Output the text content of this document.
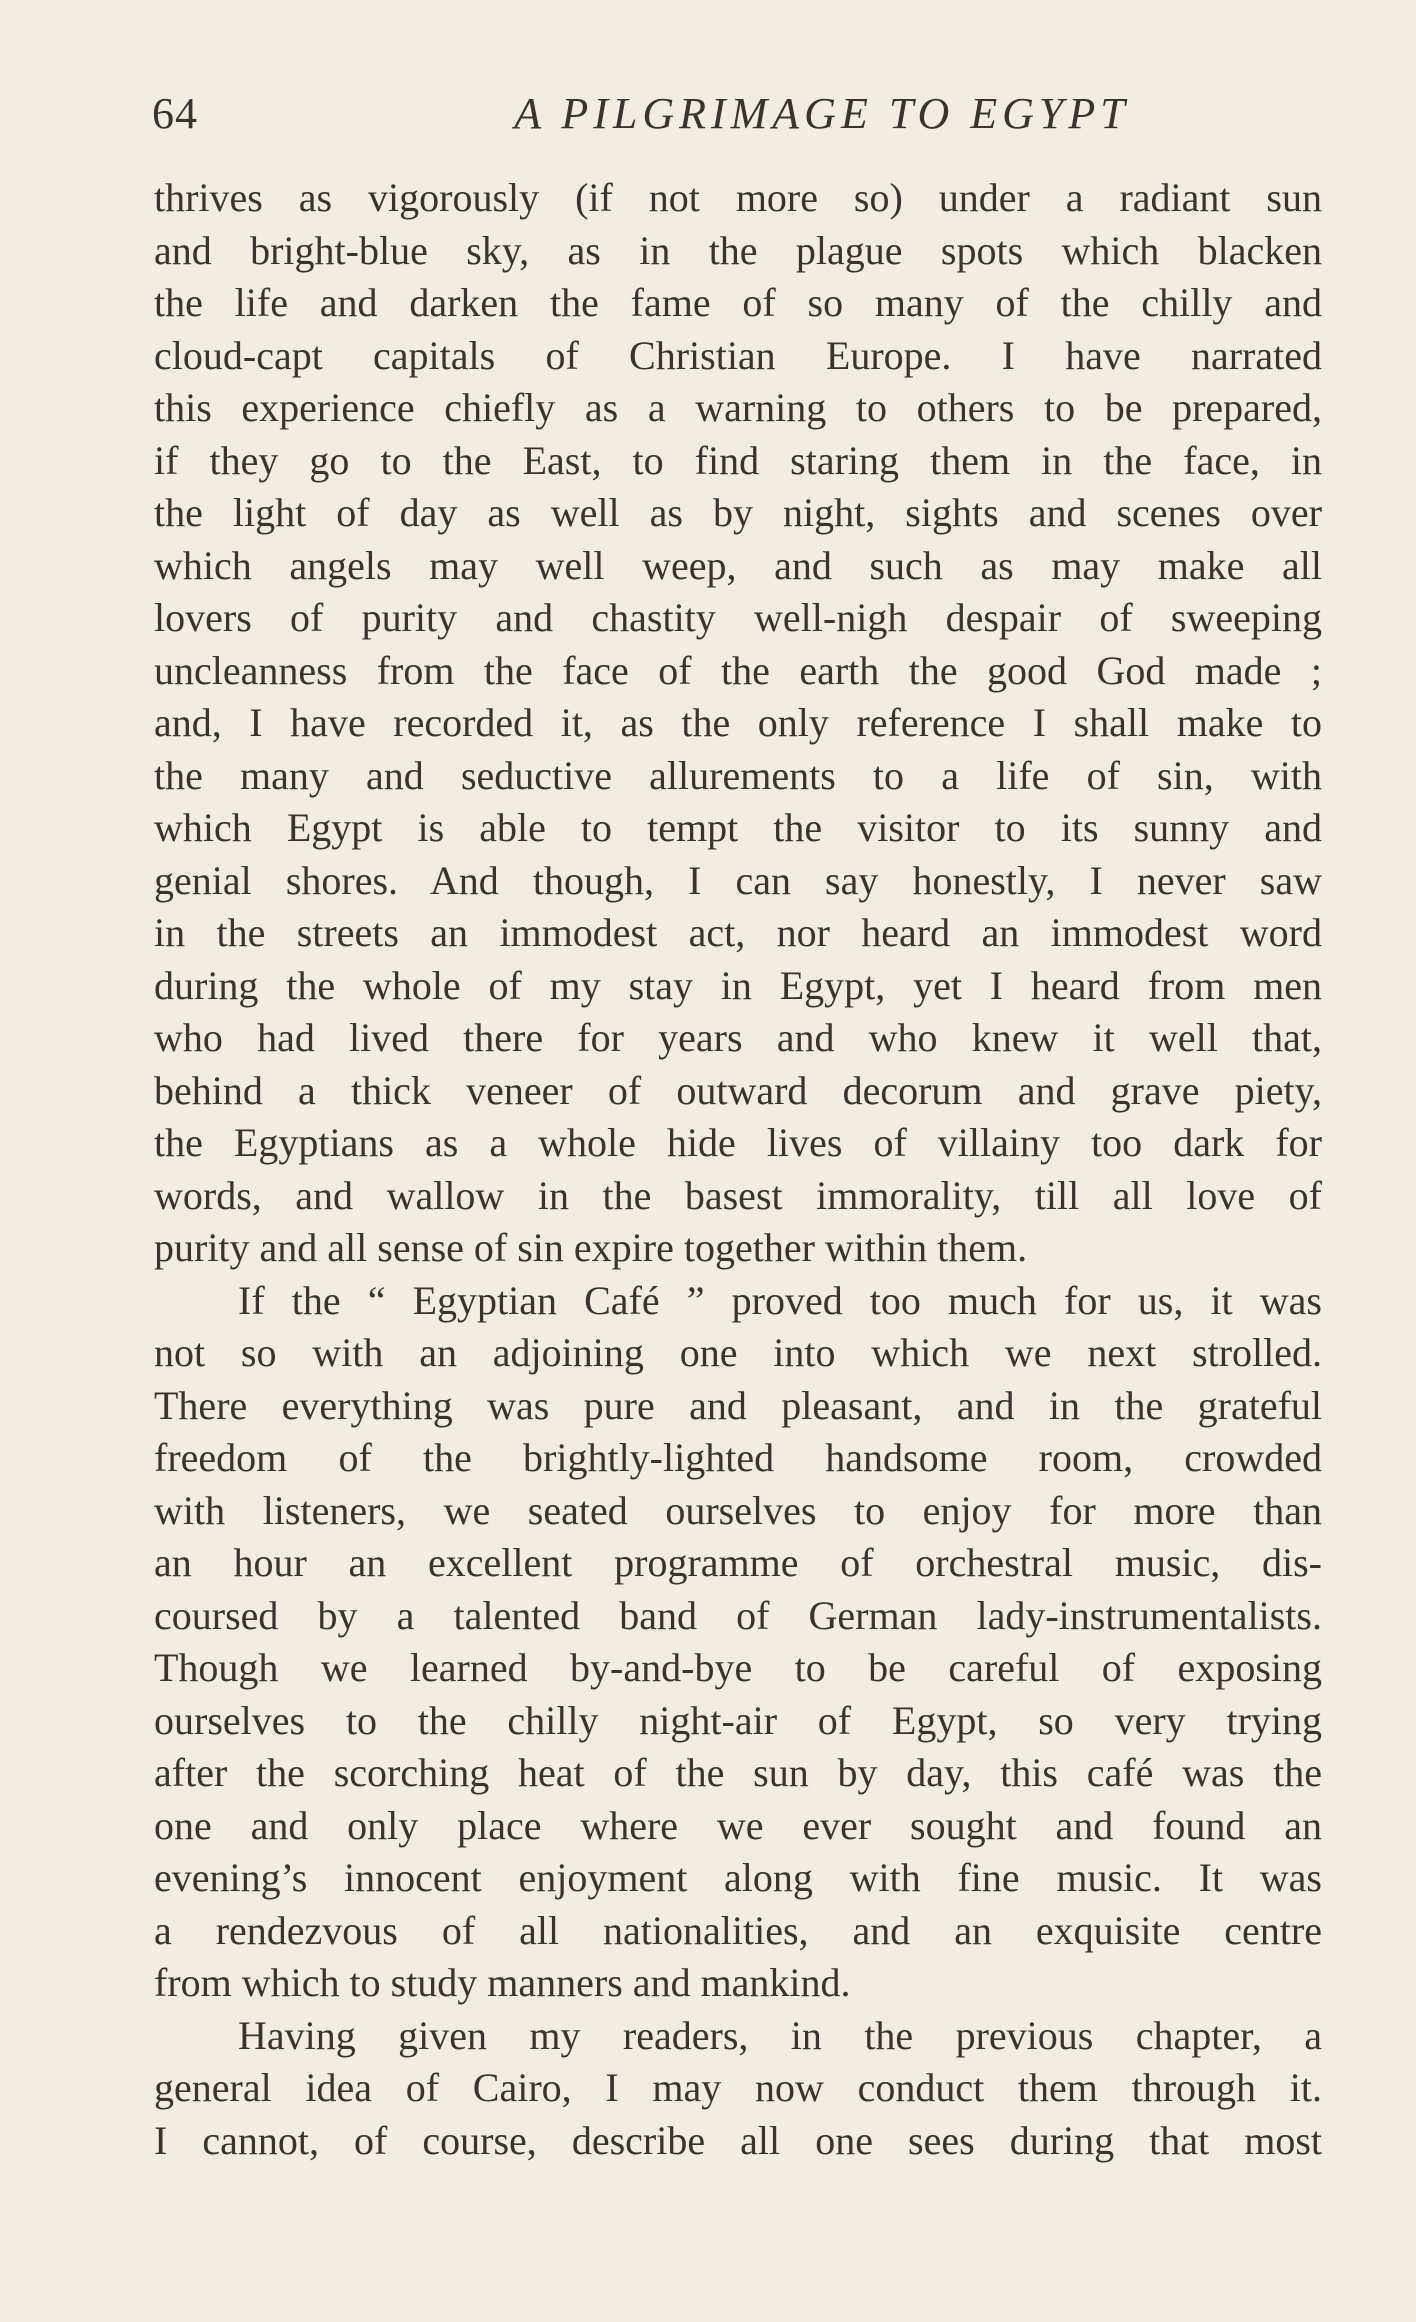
64	A PILGRIMAGE TO EGYPT
thrives as vigorously (if not more so) under a radiant sun
and bright-blue sky, as in the plague spots which blacken
the life and darken the fame of so many of the chilly and
cloud-capt capitals of Christian Europe. I have narrated
this experience chiefly as a warning to others to be prepared,
if they go to the East, to find staring them in the face, in
the light of day as well as by night, sights and scenes over
which angels may well weep, and such as may make all
lovers of purity and chastity well-nigh despair of sweeping
uncleanness from the face of the earth the good God made ;
and, I have recorded it, as the only reference I shall make to
the many and seductive allurements to a life of sin, with
which Egypt is able to tempt the visitor to its sunny and
genial shores. And though, I can say honestly, I never saw
in the streets an immodest act, nor heard an immodest word
during the whole of my stay in Egypt, yet I heard from men
who had lived there for years and who knew it well that,
behind a thick veneer of outward decorum and grave piety,
the Egyptians as a whole hide lives of villainy too dark for
words, and wallow in the basest immorality, till all love of
purity and all sense of sin expire together within them.
If the “ Egyptian Café ” proved too much for us, it was
not so with an adjoining one into which we next strolled.
There everything was pure and pleasant, and in the grateful
freedom of the brightly-lighted handsome room, crowded
with listeners, we seated ourselves to enjoy for more than
an hour an excellent programme of orchestral music, dis-
coursed by a talented band of German lady-instrumentalists.
Though we learned by-and-bye to be careful of exposing
ourselves to the chilly night-air of Egypt, so very trying
after the scorching heat of the sun by day, this café was the
one and only place where we ever sought and found an
evening’s innocent enjoyment along with fine music. It was
a rendezvous of all nationalities, and an exquisite centre
from which to study manners and mankind.
Having given my readers, in the previous chapter, a
general idea of Cairo, I may now conduct them through it.
I cannot, of course, describe all one sees during that most
